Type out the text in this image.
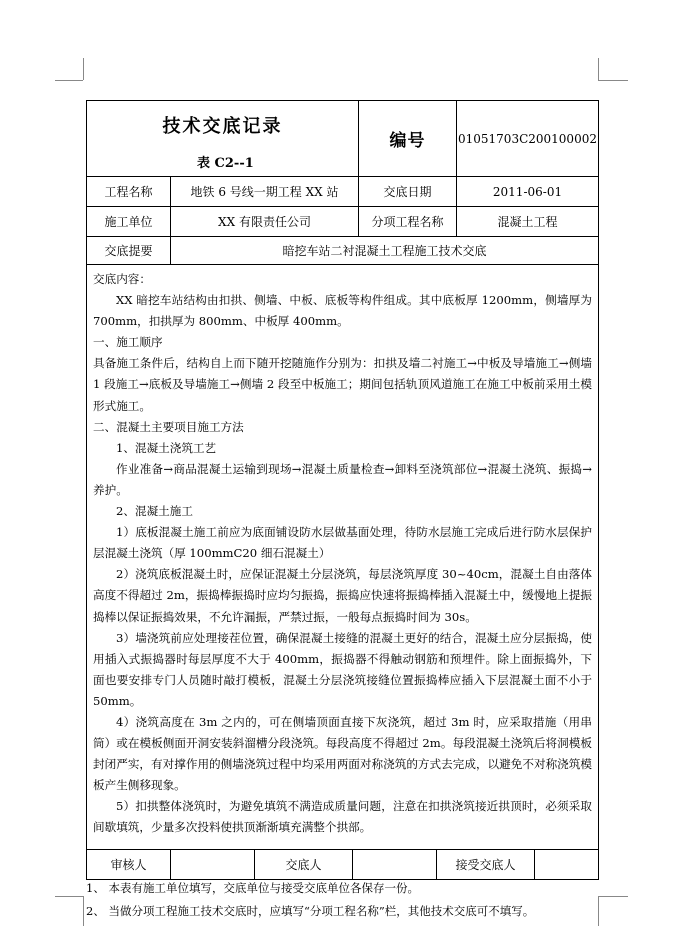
技术交底记录
表 C2--1
编号	01051703C200100002
工程名称	地铁 6 号线一期工程 XX 站	交底日期	2011-06-01
施工单位	XX 有限责任公司	分项工程名称	混凝土工程
交底提要	暗挖车站二衬混凝土工程施工技术交底

交底内容：

XX 暗挖车站结构由扣拱、侧墙、中板、底板等构件组成。其中底板厚 1200mm，侧墙厚为 700mm，扣拱厚为 800mm、中板厚 400mm。

一、施工顺序

具备施工条件后，结构自上而下随开挖随施作分别为：扣拱及墙二衬施工→中板及导墙施工→侧墙 1 段施工→底板及导墙施工→侧墙 2 段至中板施工；期间包括轨顶风道施工在施工中板前采用土模形式施工。

二、混凝土主要项目施工方法

1、混凝土浇筑工艺

作业准备→商品混凝土运输到现场→混凝土质量检查→卸料至浇筑部位→混凝土浇筑、振捣→养护。

2、混凝土施工

1）底板混凝土施工前应为底面铺设防水层做基面处理，待防水层施工完成后进行防水层保护层混凝土浇筑（厚 100mmC20 细石混凝土）

2）浇筑底板混凝土时，应保证混凝土分层浇筑，每层浇筑厚度 30~40cm，混凝土自由落体高度不得超过 2m，振捣棒振捣时应均匀振捣，振捣应快速将振捣棒插入混凝土中，缓慢地上提振捣棒以保证振捣效果，不允许漏振，严禁过振，一般每点振捣时间为 30s。

3）墙浇筑前应处理接茬位置，确保混凝土接缝的混凝土更好的结合，混凝土应分层振捣，使用插入式振捣器时每层厚度不大于 400mm，振捣器不得触动钢筋和预埋件。除上面振捣外，下面也要安排专门人员随时敲打模板，混凝土分层浇筑接缝位置振捣棒应插入下层混凝土面不小于 50mm。

4）浇筑高度在 3m 之内的，可在侧墙顶面直接下灰浇筑，超过 3m 时，应采取措施（用串筒）或在模板侧面开洞安装斜溜槽分段浇筑。每段高度不得超过 2m。每段混凝土浇筑后将洞模板封闭严实，有对撑作用的侧墙浇筑过程中均采用两面对称浇筑的方式去完成，以避免不对称浇筑模板产生侧移现象。

5）扣拱整体浇筑时，为避免填筑不满造成质量问题，注意在扣拱浇筑接近拱顶时，必须采取间歇填筑，少量多次投料使拱顶渐渐填充满整个拱部。

审核人	交底人	接受交底人

1、 本表有施工单位填写，交底单位与接受交底单位各保存一份。

2、 当做分项工程施工技术交底时，应填写“分项工程名称”栏，其他技术交底可不填写。
